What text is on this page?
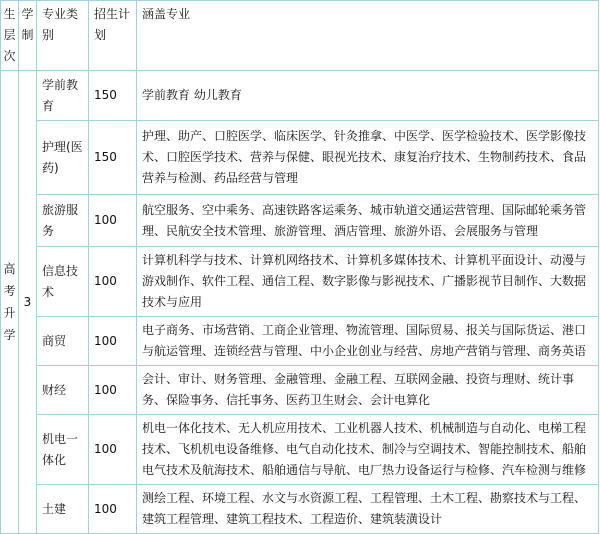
生层次	学制	专业类别	招生计划	涵盖专业

高
考
升
学	3	学前教育	150	学前教育 幼儿教育
		护理(医药)	150	护理、助产、口腔医学、临床医学、针灸推拿、中医学、医学检验技术、医学影像技术、口腔医学技术、营养与保健、眼视光技术、康复治疗技术、生物制药技术、食品营养与检测、药品经营与管理
		旅游服务	100	航空服务、空中乘务、高速铁路客运乘务、城市轨道交通运营管理、国际邮轮乘务管理、民航安全技术管理、旅游管理、酒店管理、旅游外语、会展服务与管理
		信息技术	100	计算机科学与技术、计算机网络技术、计算机多媒体技术、计算机平面设计、动漫与游戏制作、软件工程、通信工程、数字影像与影视技术、广播影视节目制作、大数据技术与应用
		商贸	100	电子商务、市场营销、工商企业管理、物流管理、国际贸易、报关与国际货运、港口与航运管理、连锁经营与管理、中小企业创业与经营、房地产营销与管理、商务英语
		财经	100	会计、审计、财务管理、金融管理、金融工程、互联网金融、投资与理财、统计事务、保险事务、信托事务、医药卫生财会、会计电算化
		机电一体化	100	机电一体化技术、无人机应用技术、工业机器人技术、机械制造与自动化、电梯工程技术、飞机机电设备维修、电气自动化技术、制冷与空调技术、智能控制技术、船舶电气技术及航海技术、船舶通信与导航、电厂热力设备运行与检修、汽车检测与维修
		土建	100	测绘工程、环境工程、水文与水资源工程、工程管理、土木工程、勘察技术与工程、建筑工程管理、建筑工程技术、工程造价、建筑装潢设计
